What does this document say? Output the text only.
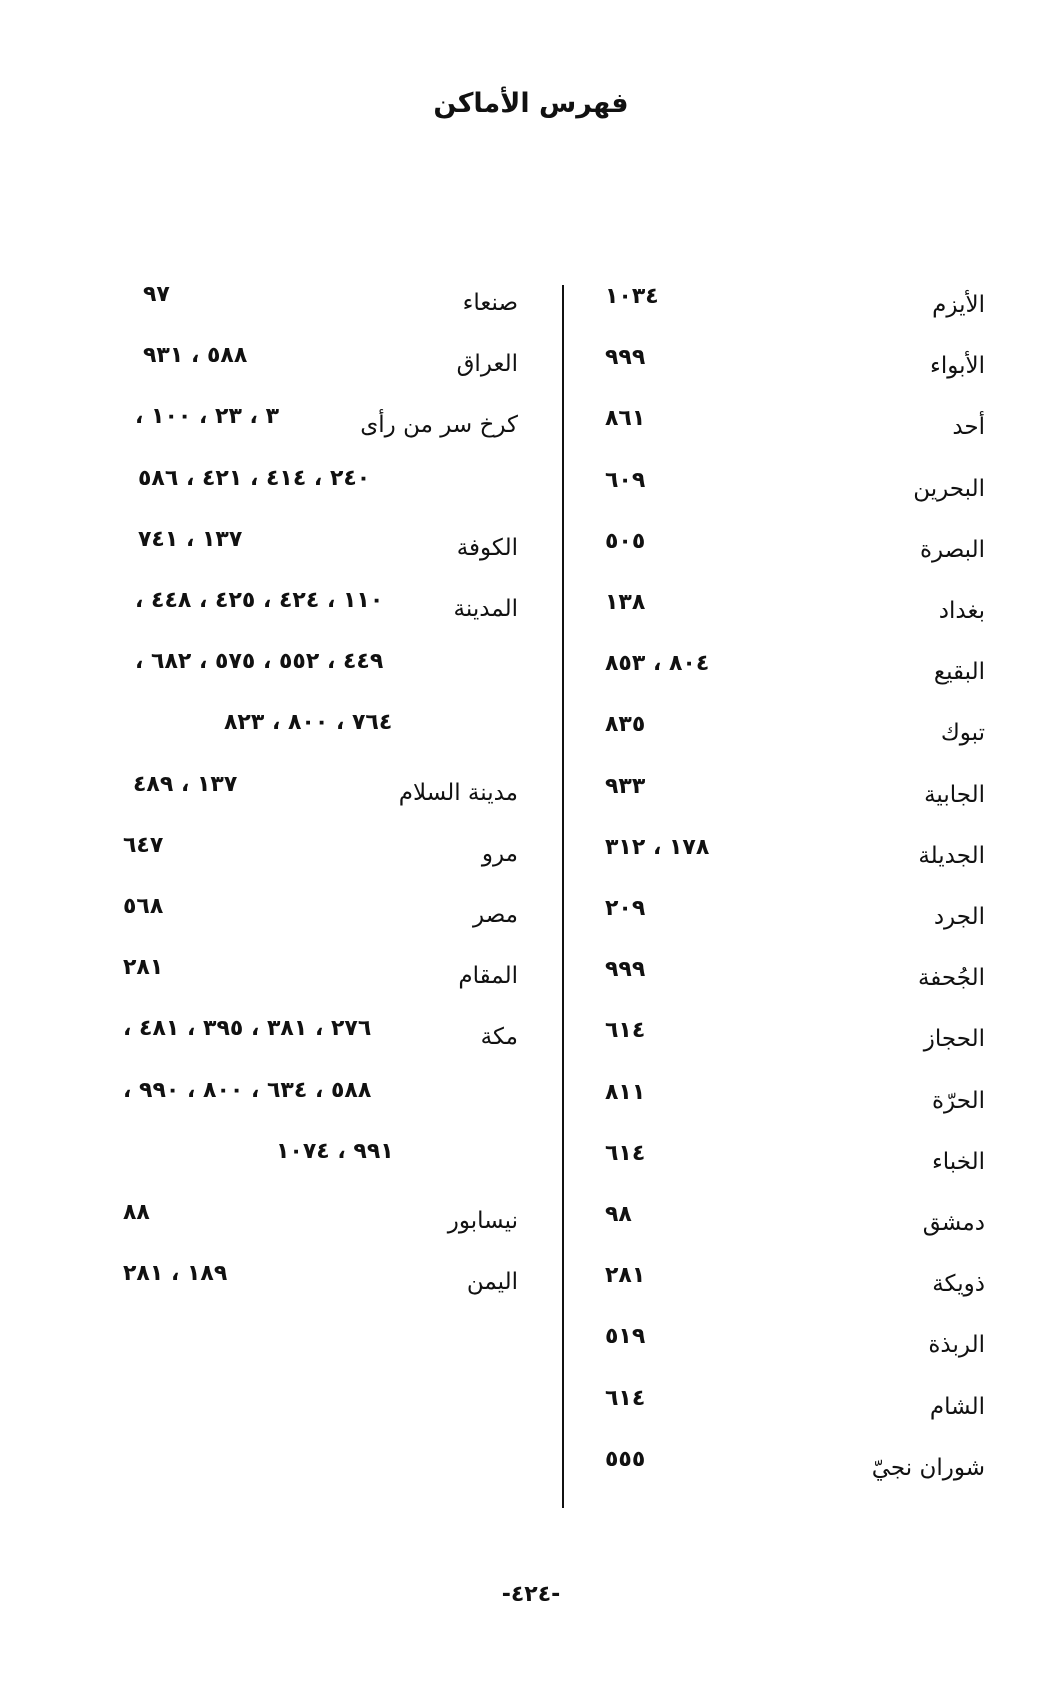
فهرس الأماكن
الأيزم
١٠٣٤
الأبواء
٩٩٩
أحد
٨٦١
البحرين
٦٠٩
البصرة
٥٠٥
بغداد
١٣٨
البقيع
٨٠٤ ، ٨٥٣
تبوك
٨٣٥
الجابية
٩٣٣
الجديلة
١٧٨ ، ٣١٢
الجرد
٢٠٩
الجُحفة
٩٩٩
الحجاز
٦١٤
الحرّة
٨١١
الخباء
٦١٤
دمشق
٩٨
ذويكة
٢٨١
الربذة
٥١٩
الشام
٦١٤
شوران نجيّ
٥٥٥
صنعاء
٩٧
العراق
٥٨٨ ، ٩٣١
كرخ سر من رأى
٣ ، ٢٣ ، ١٠٠ ،
٢٤٠ ، ٤١٤ ، ٤٢١ ، ٥٨٦
الكوفة
١٣٧ ، ٧٤١
المدينة
١١٠ ، ٤٢٤ ، ٤٢٥ ، ٤٤٨ ،
٤٤٩ ، ٥٥٢ ، ٥٧٥ ، ٦٨٢ ،
٧٦٤ ، ٨٠٠ ، ٨٢٣
مدينة السلام
١٣٧ ، ٤٨٩
مرو
٦٤٧
مصر
٥٦٨
المقام
٢٨١
مكة
٢٧٦ ، ٣٨١ ، ٣٩٥ ، ٤٨١ ،
٥٨٨ ، ٦٣٤ ، ٨٠٠ ، ٩٩٠ ،
٩٩١ ، ١٠٧٤
نيسابور
٨٨
اليمن
١٨٩ ، ٢٨١
-٤٢٤-
